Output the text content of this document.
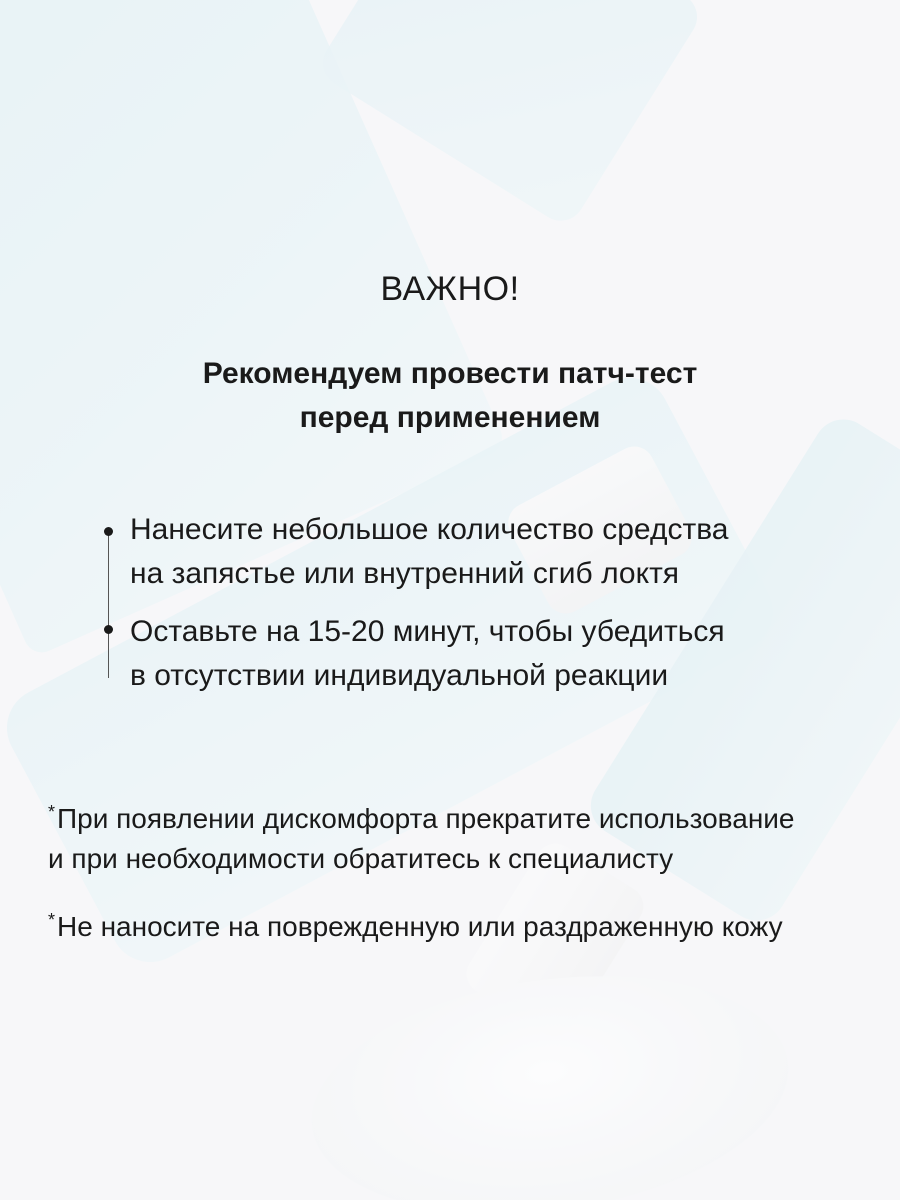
ВАЖНО!
Рекомендуем провести патч-тест
перед применением
Нанесите небольшое количество средства
на запястье или внутренний сгиб локтя
Оставьте на 15-20 минут, чтобы убедиться
в отсутствии индивидуальной реакции
*При появлении дискомфорта прекратите использование
и при необходимости обратитесь к специалисту
*Не наносите на поврежденную или раздраженную кожу
